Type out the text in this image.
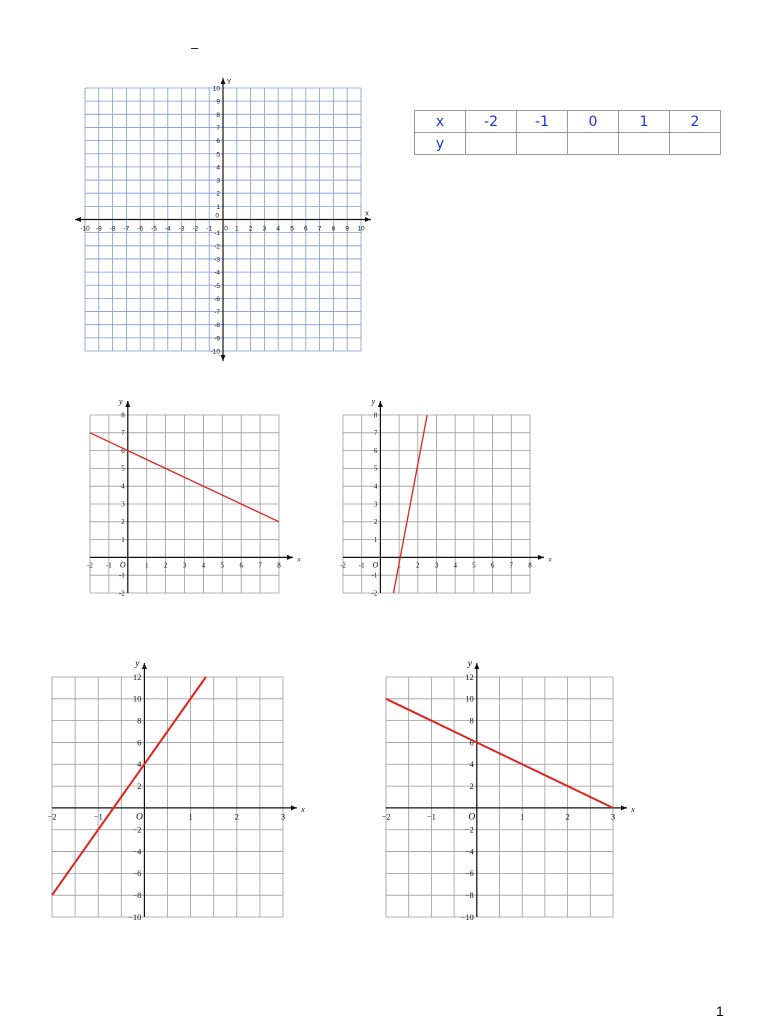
–
x	-2	-1	0	1	2
y					
-10 -9 -8 -7 -6 -5 -4 -3 -2 -1 0 1 2 3 4 5 6 7 8 9 10
-10
-9
-8
-7
-6
-5
-4
-3
-2
-1
0
1
2
3
4
5
6
7
8
9
10
x
Y
-2 -1	1 2 3 4 5 6 7 8
-2
-1
1
2
3
4
5
6
7
8
O
x
y
-2 -1	1 2 3 4 5 6 7 8
-2
-1
1
2
3
4
5
6
7
8
O
x
y
−2	−1	1	2	3
−10
−8
−6
−4
−2
2
4
6
8
10
12
O
x
y
−2	−1	1	2	3
−10
−8
−6
−4
−2
2
4
6
8
10
12
O
x
y
1
